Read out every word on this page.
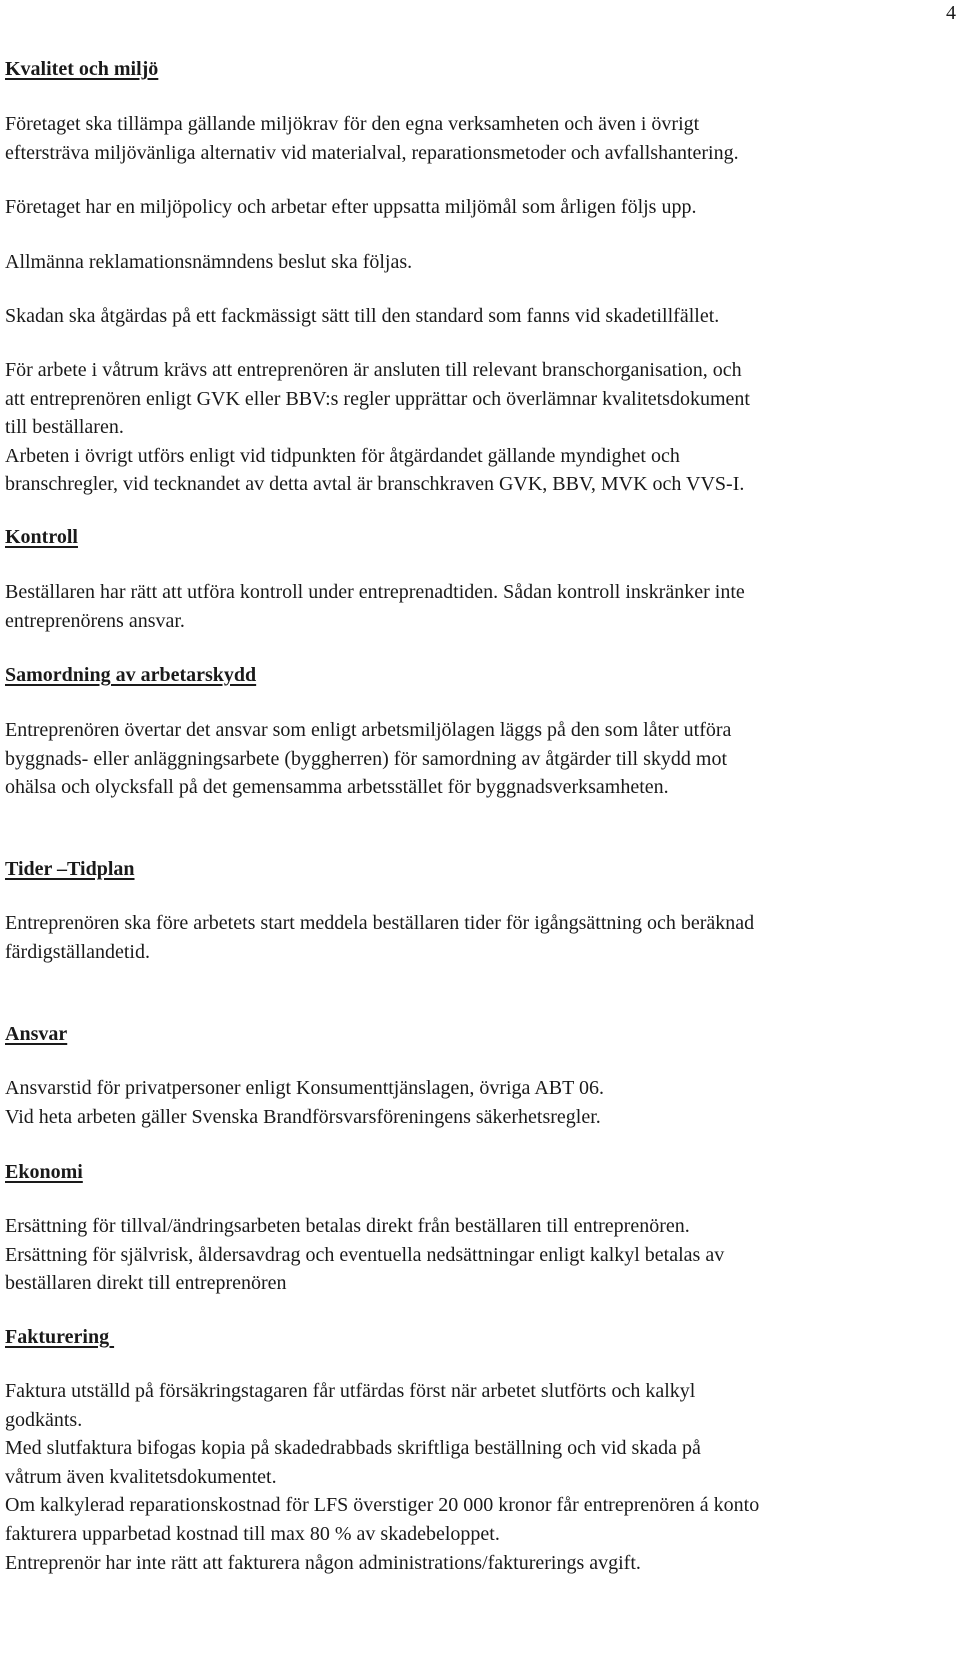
4
Kvalitet och miljö
Företaget ska tillämpa gällande miljökrav för den egna verksamheten och även i övrigt
eftersträva miljövänliga alternativ vid materialval, reparationsmetoder och avfallshantering.
Företaget har en miljöpolicy och arbetar efter uppsatta miljömål som årligen följs upp.
Allmänna reklamationsnämndens beslut ska följas.
Skadan ska åtgärdas på ett fackmässigt sätt till den standard som fanns vid skadetillfället.
För arbete i våtrum krävs att entreprenören är ansluten till relevant branschorganisation, och
att entreprenören enligt GVK eller BBV:s regler upprättar och överlämnar kvalitetsdokument
till beställaren.
Arbeten i övrigt utförs enligt vid tidpunkten för åtgärdandet gällande myndighet och
branschregler, vid tecknandet av detta avtal är branschkraven GVK, BBV, MVK och VVS-I.
Kontroll
Beställaren har rätt att utföra kontroll under entreprenadtiden. Sådan kontroll inskränker inte
entreprenörens ansvar.
Samordning av arbetarskydd
Entreprenören övertar det ansvar som enligt arbetsmiljölagen läggs på den som låter utföra
byggnads- eller anläggningsarbete (byggherren) för samordning av åtgärder till skydd mot
ohälsa och olycksfall på det gemensamma arbetsstället för byggnadsverksamheten.
Tider –Tidplan
Entreprenören ska före arbetets start meddela beställaren tider för igångsättning och beräknad
färdigställandetid.
Ansvar
Ansvarstid för privatpersoner enligt Konsumenttjänslagen, övriga ABT 06.
Vid heta arbeten gäller Svenska Brandförsvarsföreningens säkerhetsregler.
Ekonomi
Ersättning för tillval/ändringsarbeten betalas direkt från beställaren till entreprenören.
Ersättning för självrisk, åldersavdrag och eventuella nedsättningar enligt kalkyl betalas av
beställaren direkt till entreprenören
Fakturering
Faktura utställd på försäkringstagaren får utfärdas först när arbetet slutförts och kalkyl
godkänts.
Med slutfaktura bifogas kopia på skadedrabbads skriftliga beställning och vid skada på
våtrum även kvalitetsdokumentet.
Om kalkylerad reparationskostnad för LFS överstiger 20 000 kronor får entreprenören á konto
fakturera upparbetad kostnad till max 80 % av skadebeloppet.
Entreprenör har inte rätt att fakturera någon administrations/fakturerings avgift.
